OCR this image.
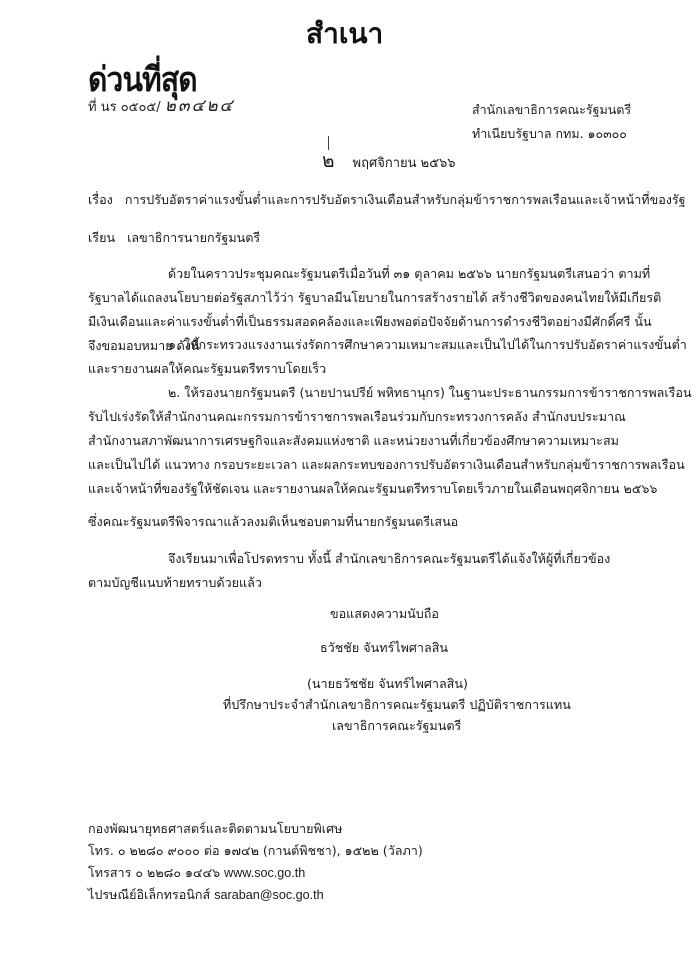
สำเนา
ด่วนที่สุด
ที่ นร ๐๕๐๕/ ๒๓๔๒๔	สำนักเลขาธิการคณะรัฐมนตรี
ทำเนียบรัฐบาล กทม. ๑๐๓๐๐
๒ พฤศจิกายน ๒๕๖๖
เรื่อง การปรับอัตราค่าแรงขั้นต่ำและการปรับอัตราเงินเดือนสำหรับกลุ่มข้าราชการพลเรือนและเจ้าหน้าที่ของรัฐ
เรียน เลขาธิการนายกรัฐมนตรี
ด้วยในคราวประชุมคณะรัฐมนตรีเมื่อวันที่ ๓๑ ตุลาคม ๒๕๖๖ นายกรัฐมนตรีเสนอว่า ตามที่
รัฐบาลได้แถลงนโยบายต่อรัฐสภาไว้ว่า รัฐบาลมีนโยบายในการสร้างรายได้ สร้างชีวิตของคนไทยให้มีเกียรติ
มีเงินเดือนและค่าแรงขั้นต่ำที่เป็นธรรมสอดคล้องและเพียงพอต่อปัจจัยด้านการดำรงชีวิตอย่างมีศักดิ์ศรี นั้น
จึงขอมอบหมาย ดังนี้
๑. ให้กระทรวงแรงงานเร่งรัดการศึกษาความเหมาะสมและเป็นไปได้ในการปรับอัตราค่าแรงขั้นต่ำ
และรายงานผลให้คณะรัฐมนตรีทราบโดยเร็ว
๒. ให้รองนายกรัฐมนตรี (นายปานปรีย์ พหิทธานุกร) ในฐานะประธานกรรมการข้าราชการพลเรือน
รับไปเร่งรัดให้สำนักงานคณะกรรมการข้าราชการพลเรือนร่วมกับกระทรวงการคลัง สำนักงบประมาณ
สำนักงานสภาพัฒนาการเศรษฐกิจและสังคมแห่งชาติ และหน่วยงานที่เกี่ยวข้องศึกษาความเหมาะสม
และเป็นไปได้ แนวทาง กรอบระยะเวลา และผลกระทบของการปรับอัตราเงินเดือนสำหรับกลุ่มข้าราชการพลเรือน
และเจ้าหน้าที่ของรัฐให้ชัดเจน และรายงานผลให้คณะรัฐมนตรีทราบโดยเร็วภายในเดือนพฤศจิกายน ๒๕๖๖
ซึ่งคณะรัฐมนตรีพิจารณาแล้วลงมติเห็นชอบตามที่นายกรัฐมนตรีเสนอ
จึงเรียนมาเพื่อโปรดทราบ ทั้งนี้ สำนักเลขาธิการคณะรัฐมนตรีได้แจ้งให้ผู้ที่เกี่ยวข้อง
ตามบัญชีแนบท้ายทราบด้วยแล้ว
ขอแสดงความนับถือ
ธวัชชัย จันทร์ไพศาลสิน
(นายธวัชชัย จันทร์ไพศาลสิน)
ที่ปรึกษาประจำสำนักเลขาธิการคณะรัฐมนตรี ปฏิบัติราชการแทน
เลขาธิการคณะรัฐมนตรี
กองพัฒนายุทธศาสตร์และติดตามนโยบายพิเศษ
โทร. ๐ ๒๒๘๐ ๙๐๐๐ ต่อ ๑๗๔๒ (กานต์พิชชา), ๑๕๒๒ (วัลภา)
โทรสาร ๐ ๒๒๘๐ ๑๔๔๖ www.soc.go.th
ไปรษณีย์อิเล็กทรอนิกส์ saraban@soc.go.th
